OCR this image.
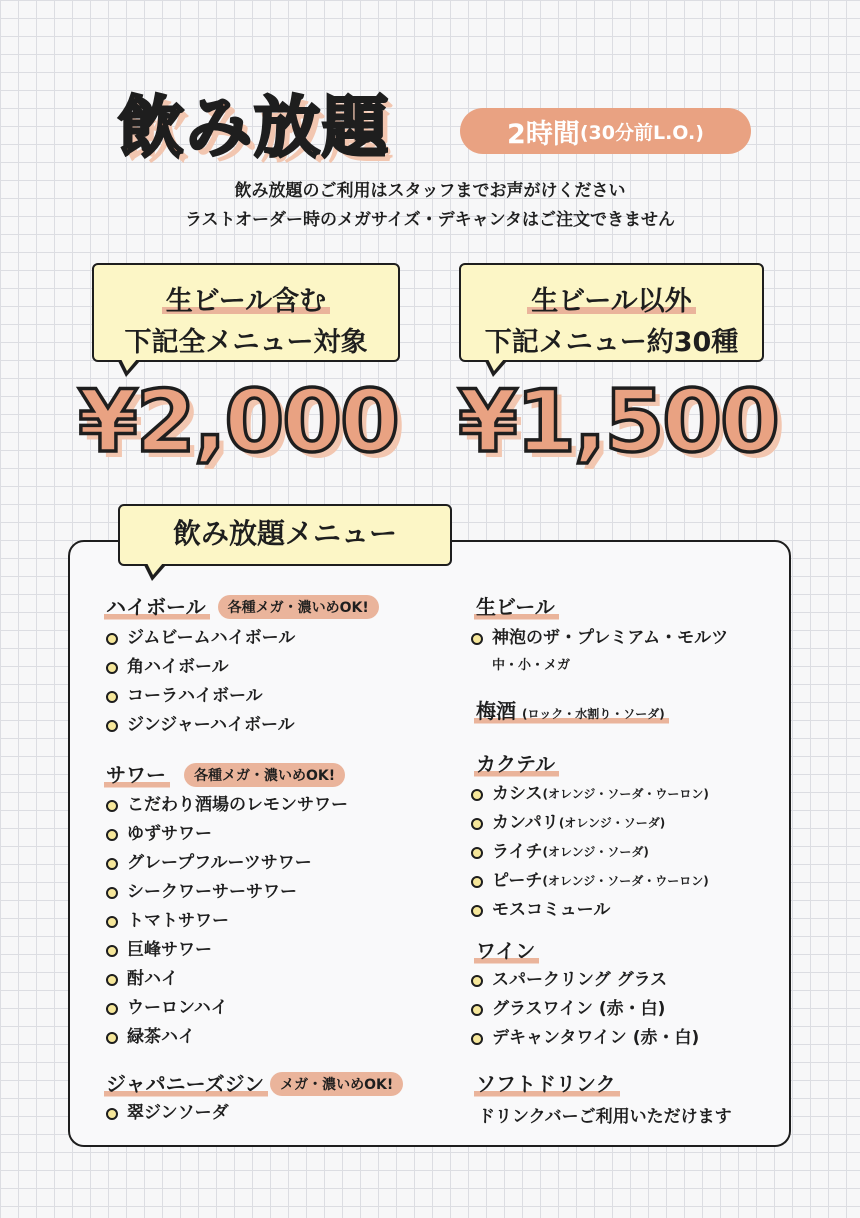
飲み放題	2時間 (30分前L.O.)
飲み放題のご利用はスタッフまでお声がけください
ラストオーダー時のメガサイズ・デキャンタはご注文できません
生ビール含む
下記全メニュー対象
¥2,000
生ビール以外
下記メニュー約30種
¥1,500
飲み放題メニュー
ハイボール	各種メガ・濃いめOK!
ジムビームハイボール
角ハイボール
コーラハイボール
ジンジャーハイボール
サワー	各種メガ・濃いめOK!
こだわり酒場のレモンサワー
ゆずサワー
グレープフルーツサワー
シークワーサーサワー
トマトサワー
巨峰サワー
酎ハイ
ウーロンハイ
緑茶ハイ
ジャパニーズジン	メガ・濃いめOK!
翠ジンソーダ
生ビール
神泡のザ・プレミアム・モルツ
中・小・メガ
梅酒 (ロック・水割り・ソーダ)
カクテル
カシス (オレンジ・ソーダ・ウーロン)
カンパリ (オレンジ・ソーダ)
ライチ (オレンジ・ソーダ)
ピーチ (オレンジ・ソーダ・ウーロン)
モスコミュール
ワイン
スパークリング グラス
グラスワイン (赤・白)
デキャンタワイン (赤・白)
ソフトドリンク
ドリンクバーご利用いただけます
